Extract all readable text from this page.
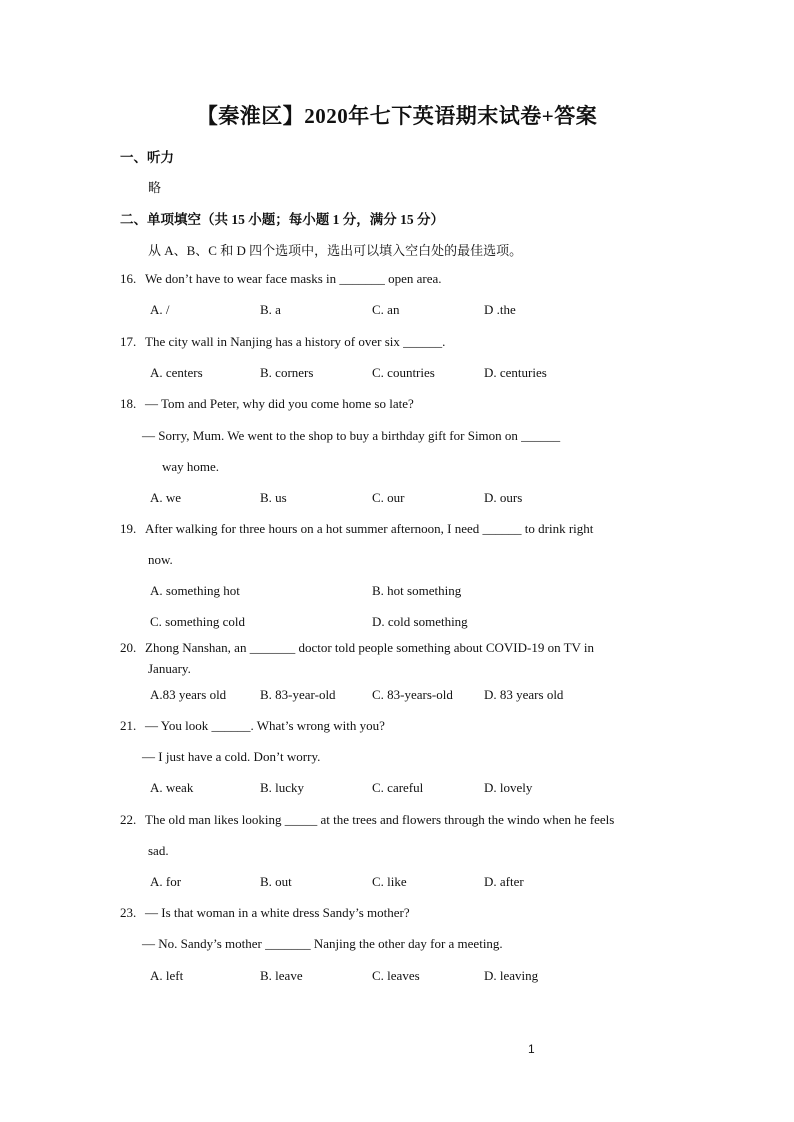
【秦淮区】2020年七下英语期末试卷+答案
一、听力
略
二、单项填空（共 15 小题；每小题 1 分，满分 15 分）
从 A、B、C 和 D 四个选项中，选出可以填入空白处的最佳选项。
16. We don’t have to wear face masks in _______ open area.
A. /	B. a	C. an	D .the
17. The city wall in Nanjing has a history of over six ______.
A. centers	B. corners	C. countries	D. centuries
18. — Tom and Peter, why did you come home so late?
— Sorry, Mum. We went to the shop to buy a birthday gift for Simon on ______
way home.
A. we	B. us	C. our	D. ours
19. After walking for three hours on a hot summer afternoon, I need ______ to drink right
now.
A. something hot	B. hot something
C. something cold	D. cold something
20. Zhong Nanshan, an _______ doctor told people something about COVID-19 on TV in
January.
A.83 years old	B. 83-year-old	C. 83-years-old D. 83 years old
21. — You look ______. What’s wrong with you?
— I just have a cold. Don’t worry.
A. weak	B. lucky	C. careful	D. lovely
22. The old man likes looking _____ at the trees and flowers through the windo when he feels
sad.
A. for	B. out	C. like	D. after
23. — Is that woman in a white dress Sandy’s mother?
— No. Sandy’s mother _______ Nanjing the other day for a meeting.
A. left	B. leave	C. leaves	D. leaving
1
